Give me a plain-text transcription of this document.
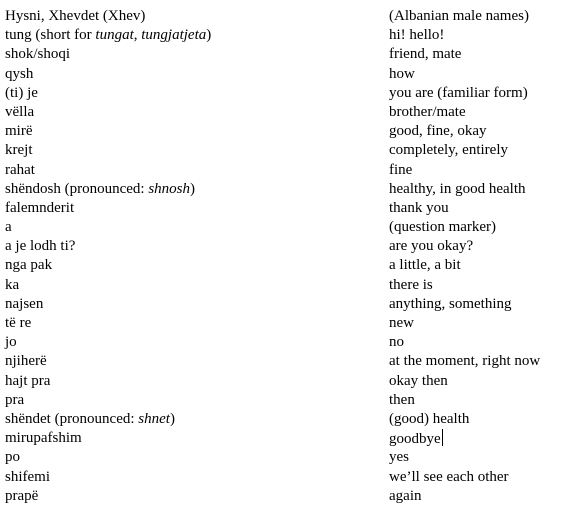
Hysni, Xhevdet (Xhev)	(Albanian male names)
tung (short for tungat, tungjatjeta)	hi! hello!
shok/shoqi	friend, mate
qysh	how
(ti) je	you are (familiar form)
vëlla	brother/mate
mirë	good, fine, okay
krejt	completely, entirely
rahat	fine
shëndosh (pronounced: shnosh)	healthy, in good health
falemnderit	thank you
a	(question marker)
a je lodh ti?	are you okay?
nga pak	a little, a bit
ka	there is
najsen	anything, something
të re	new
jo	no
njiherë	at the moment, right now
hajt pra	okay then
pra	then
shëndet (pronounced: shnet)	(good) health
mirupafshim	goodbye
po	yes
shifemi	we’ll see each other
prapë	again
